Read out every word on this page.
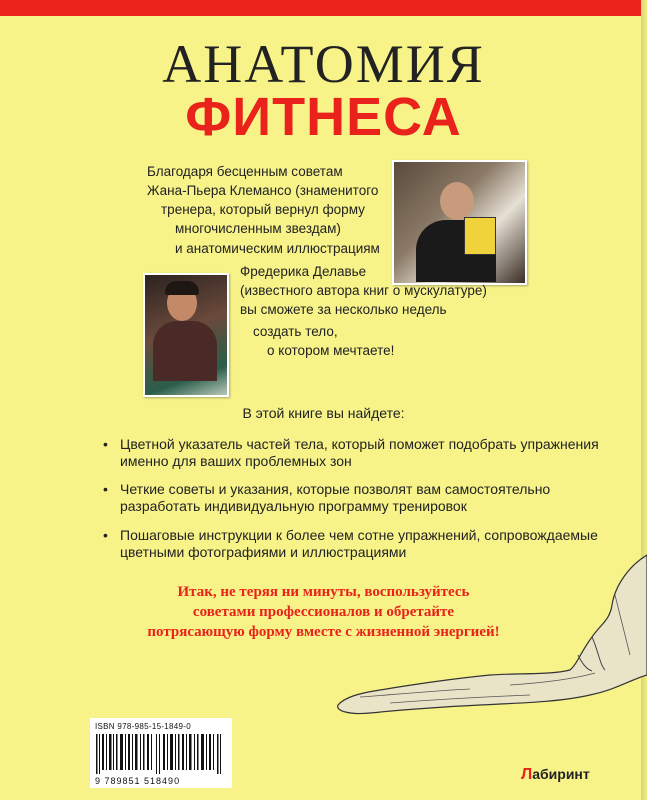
АНАТОМИЯ
ФИТНЕСА
Благодаря бесценным советам
Жана-Пьера Клемансо (знаменитого
тренера, который вернул форму
многочисленным звездам)
и анатомическим иллюстрациям
Фредерика Делавье
(известного автора книг о мускулатуре)
вы сможете за несколько недель
создать тело,
о котором мечтаете!
В этой книге вы найдете:
• Цветной указатель частей тела, который поможет подобрать упражнения
именно для ваших проблемных зон
• Четкие советы и указания, которые позволят вам самостоятельно
разработать индивидуальную программу тренировок
• Пошаговые инструкции к более чем сотне упражнений, сопровождаемые
цветными фотографиями и иллюстрациями
Итак, не теряя ни минуты, воспользуйтесь
советами профессионалов и обретайте
потрясающую форму вместе с жизненной энергией!
ISBN 978-985-15-1849-0
9 789851 518490	Лабиринт
